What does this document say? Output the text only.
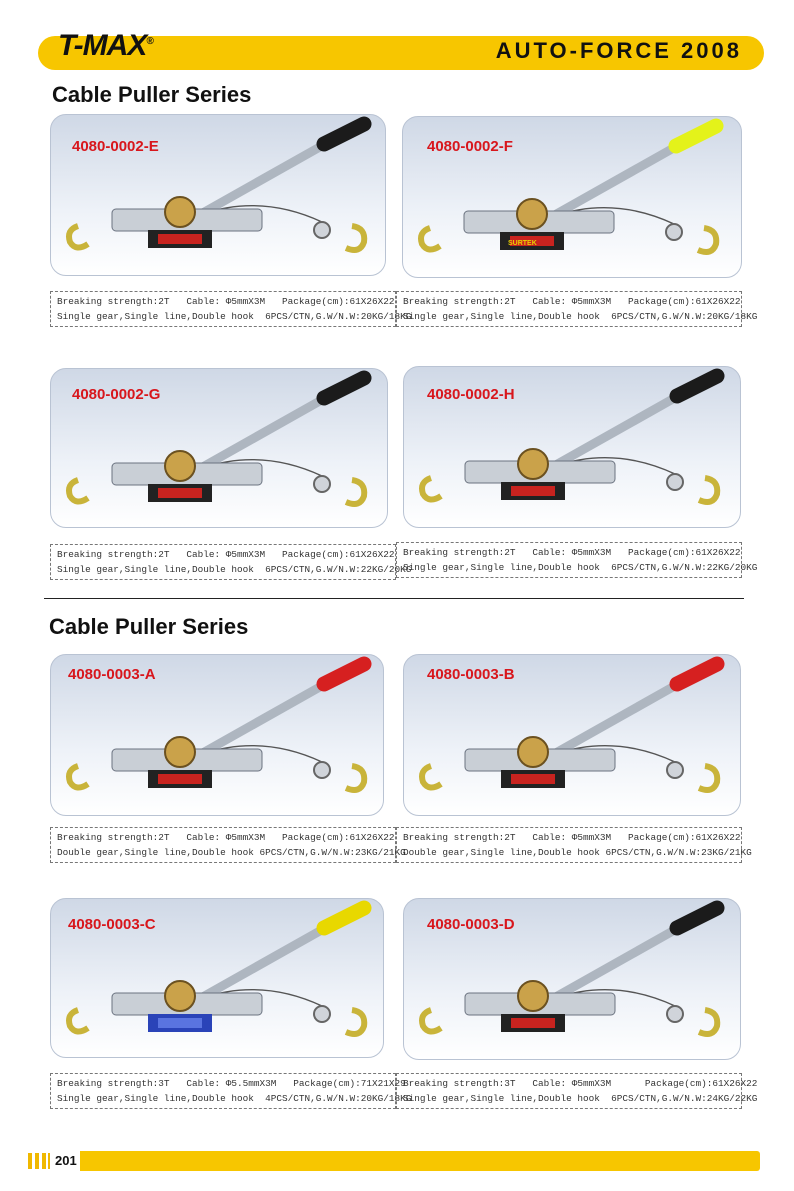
T-MAX®	AUTO-FORCE 2008
Cable Puller Series
Cable Puller Series
SURTEK
4080-0002-E	4080-0002-F
4080-0002-G	4080-0002-H
4080-0003-A	4080-0003-B
4080-0003-C	4080-0003-D
Breaking strength:2T   Cable: Φ5mmX3M   Package(cm):61X26X22
Single gear,Single line,Double hook  6PCS/CTN,G.W/N.W:20KG/18KG
Breaking strength:2T   Cable: Φ5mmX3M   Package(cm):61X26X22
Single gear,Single line,Double hook  6PCS/CTN,G.W/N.W:20KG/18KG
Breaking strength:2T   Cable: Φ5mmX3M   Package(cm):61X26X22
Single gear,Single line,Double hook  6PCS/CTN,G.W/N.W:22KG/20KG
Breaking strength:2T   Cable: Φ5mmX3M   Package(cm):61X26X22
Single gear,Single line,Double hook  6PCS/CTN,G.W/N.W:22KG/20KG
Breaking strength:2T   Cable: Φ5mmX3M   Package(cm):61X26X22
Double gear,Single line,Double hook 6PCS/CTN,G.W/N.W:23KG/21KG
Breaking strength:2T   Cable: Φ5mmX3M   Package(cm):61X26X22
Double gear,Single line,Double hook 6PCS/CTN,G.W/N.W:23KG/21KG
Breaking strength:3T   Cable: Φ5.5mmX3M   Package(cm):71X21X29
Single gear,Single line,Double hook  4PCS/CTN,G.W/N.W:20KG/18KG
Breaking strength:3T   Cable: Φ5mmX3M      Package(cm):61X26X22
Single gear,Single line,Double hook  6PCS/CTN,G.W/N.W:24KG/22KG
201
